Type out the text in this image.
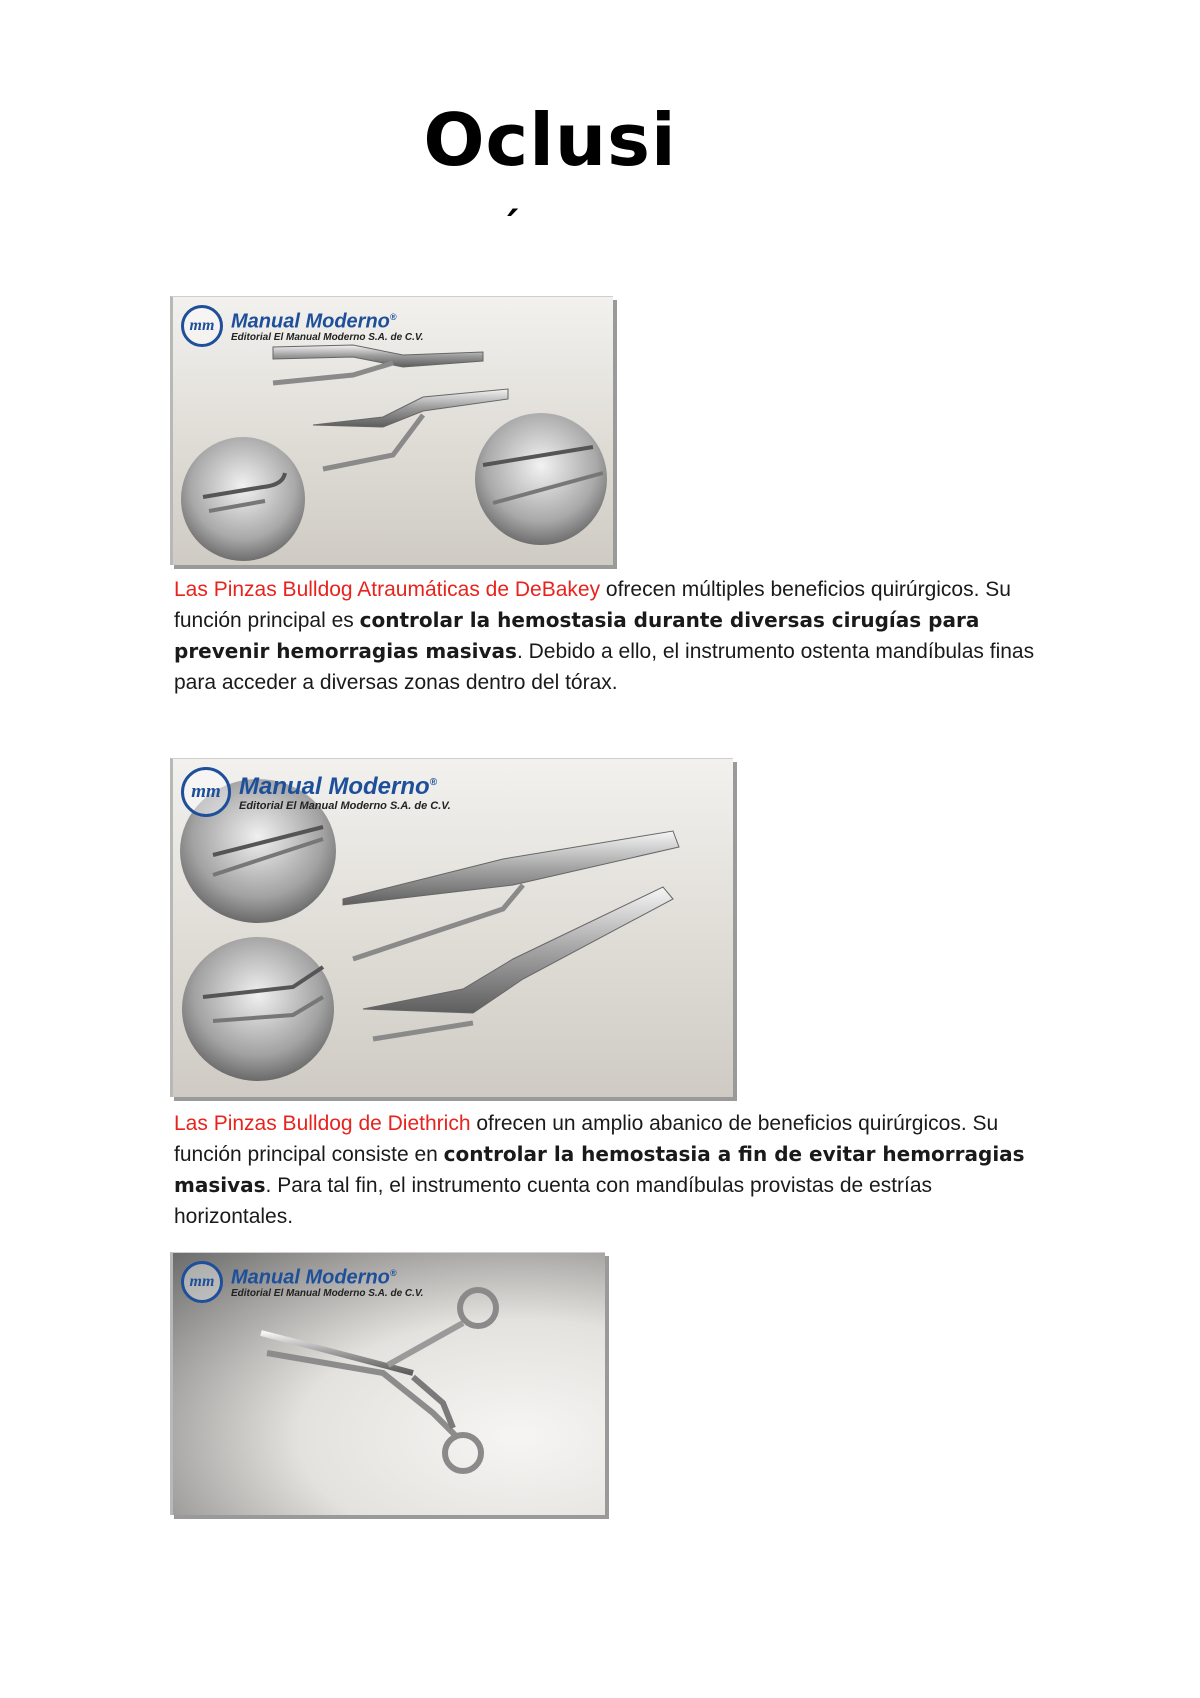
Oclusi
´
mm Manual Moderno®
Editorial El Manual Moderno S.A. de C.V.
Las Pinzas Bulldog Atraumáticas de DeBakey ofrecen múltiples beneficios quirúrgicos. Su función principal es controlar la hemostasia durante diversas cirugías para prevenir hemorragias masivas. Debido a ello, el instrumento ostenta mandíbulas finas para acceder a diversas zonas dentro del tórax.
mm Manual Moderno®
Editorial El Manual Moderno S.A. de C.V.
Las Pinzas Bulldog de Diethrich ofrecen un amplio abanico de beneficios quirúrgicos. Su función principal consiste en controlar la hemostasia a fin de evitar hemorragias masivas. Para tal fin, el instrumento cuenta con mandíbulas provistas de estrías horizontales.
mm Manual Moderno®
Editorial El Manual Moderno S.A. de C.V.
